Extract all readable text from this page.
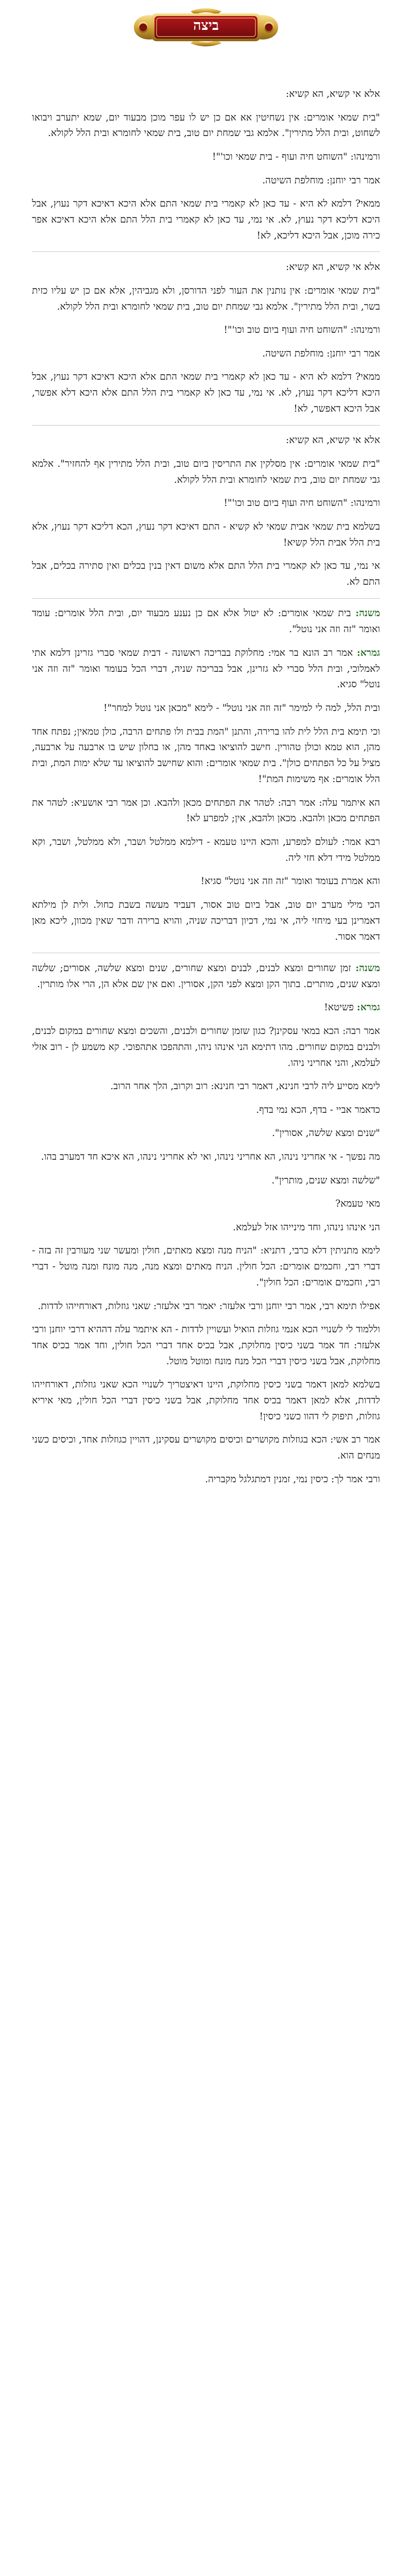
ביצה

אלא אי קשיא, הא קשיא:

"בית שמאי אומרים: אין נשחיטין אא אם כן יש לו עפר מוכן מבעוד יום, שמא יתערב ויבואו לשחוט, ובית הלל מתירין". אלמא גבי שמחת יום טוב, בית שמאי לחומרא ובית הלל לקולא.

ורמינהו: "השוחט חיה ועוף - בית שמאי וכו'"!

אמר רבי יוחנן: מוחלפת השיטה.

ממאי? דלמא לא היא - עד כאן לא קאמרי בית שמאי התם אלא היכא דאיכא דקר נעוץ, אבל היכא דליכא דקר נעוץ, לא. אי נמי, עד כאן לא קאמרי בית הלל התם אלא היכא דאיכא אפר כירה מוכן, אבל היכא דליכא, לא!

אלא אי קשיא, הא קשיא:

"בית שמאי אומרים: אין נותנין את העור לפני הדורסן, ולא מגביהין, אלא אם כן יש עליו כזית בשר, ובית הלל מתירין". אלמא גבי שמחת יום טוב, בית שמאי לחומרא ובית הלל לקולא.

ורמינהו: "השוחט חיה ועוף ביום טוב וכו'"!

אמר רבי יוחנן: מוחלפת השיטה.

ממאי? דלמא לא היא - עד כאן לא קאמרי בית שמאי התם אלא היכא דאיכא דקר נעוץ, אבל היכא דליכא דקר נעוץ, לא. אי נמי, עד כאן לא קאמרי בית הלל התם אלא היכא דלא אפשר, אבל היכא דאפשר, לא!

אלא אי קשיא, הא קשיא:

"בית שמאי אומרים: אין מסלקין את התריסין ביום טוב, ובית הלל מתירין אף להחזיר". אלמא גבי שמחת יום טוב, בית שמאי לחומרא ובית הלל לקולא.

ורמינהו: "השוחט חיה ועוף ביום טוב וכו'"!

בשלמא בית שמאי אבית שמאי לא קשיא - התם דאיכא דקר נעוץ, הכא דליכא דקר נעוץ, אלא בית הלל אבית הלל קשיא!

אי נמי, עד כאן לא קאמרי בית הלל התם אלא משום דאין בנין בכלים ואין סתירה בכלים, אבל התם לא.

משנה: בית שמאי אומרים: לא יטול אלא אם כן נענע מבעוד יום, ובית הלל אומרים: עומד ואומר "זה וזה אני נוטל".

גמרא: אמר רב הונא בר אמי: מחלוקת בבריכה ראשונה - דבית שמאי סברי גזרינן דלמא אתי לאמלוכי, ובית הלל סברי לא גזרינן, אבל בבריכה שניה, דברי הכל בעומד ואומר "זה וזה אני נוטל" סגיא.

ובית הלל, למה לי למימר "זה וזה אני נוטל" - לימא "מכאן אני נוטל למחר"!

וכי תימא בית הלל לית להו ברירה, והתנן "המת בבית ולו פתחים הרבה, כולן טמאין; נפתח אחד מהן, הוא טמא וכולן טהורין. חישב להוציאו באחד מהן, או בחלון שיש בו ארבעה על ארבעה, מציל על כל הפתחים כולן". בית שמאי אומרים: והוא שחישב להוציאו עד שלא ימות המת, ובית הלל אומרים: אף משימות המת"!

הא איתמר עלה: אמר רבה: לטהר את הפתחים מכאן ולהבא. וכן אמר רבי אושעיא: לטהר את הפתחים מכאן ולהבא. מכאן ולהבא, אין; למפרע לא!

רבא אמר: לעולם למפרע, והכא היינו טעמא - דילמא ממלטל ושבר, ולא ממלטל, ושבר, וקא ממלטל מידי דלא חזי ליה.

והא אמרת בעומד ואומר "זה וזה אני נוטל" סגיא!

הכי מילי מערב יום טוב, אבל ביום טוב אסור, דעביד מעשה בשבת כחול. ולית לן מילתא דאמרינן בעי מיחזי ליה, אי נמי, דכיון דבריכה שניה, והויא ברירה ודבר שאין מכוון, ליכא מאן דאמר אסור.

משנה: זמן שחורים ומצא לבנים, לבנים ומצא שחורים, שנים ומצא שלשה, אסורים; שלשה ומצא שנים, מותרים. בתוך הקן ומצא לפני הקן, אסורין. ואם אין שם אלא הן, הרי אלו מותרין.

גמרא: פשיטא!

אמר רבה: הכא במאי עסקינן? כגון שזמן שחורים ולבנים, והשכים ומצא שחורים במקום לבנים, ולבנים במקום שחורים. מהו דתימא הני אינהו ניהו, והתהפכו אתהפוכי. קא משמע לן - רוב אזלי לעלמא, והני אחריני ניהו.

לימא מסייע ליה לרבי חנינא, דאמר רבי חנינא: רוב וקרוב, הלך אחר הרוב.

כדאמר אביי - בדף, הכא נמי בדף.

"שנים ומצא שלשה, אסורין".

מה נפשך - אי אחריני נינהו, הא אחריני נינהו, ואי לא אחריני נינהו, הא איכא חד דמערב בהו.

"שלשה ומצא שנים, מותרין".

מאי טעמא?

הני אינהו נינהו, וחד מינייהו אזל לעלמא.

לימא מתניתין דלא כרבי, דתניא: "הניח מנה ומצא מאתים, חולין ומעשר שני מעורבין זה בזה - דברי רבי, וחכמים אומרים: הכל חולין. הניח מאתים ומצא מנה, מנה מונח ומנה מוטל - דברי רבי, וחכמים אומרים: הכל חולין".

אפילו תימא רבי, אמר רבי יוחנן ורבי אלעזר: יאמר רבי אלעזר: שאני גוזלות, דאורחייהו לדדות.

וללמוד לי לשנויי הכא אנמי גוזלות הואיל ועשויין לדדות - הא איתמר עלה דההיא דרבי יוחנן ורבי אלעזר: חד אמר בשני כיסין מחלוקת, אבל בכיס אחד דברי הכל חולין, וחד אמר בכיס אחד מחלוקת, אבל בשני כיסין דברי הכל מנח מונח ומוטל מוטל.

בשלמא למאן דאמר בשני כיסין מחלוקת, היינו דאיצטריך לשנויי הכא שאני גוזלות, דאורחייהו לדדות, אלא למאן דאמר בכיס אחד מחלוקת, אבל בשני כיסין דברי הכל חולין, מאי איריא גוזלות, תיפוק לי דהוו כשני כיסין!

אמר רב אשי: הכא בגוזלות מקושרים וכיסים מקושרים עסקינן, דהויין כגוזלות אחד, וכיסים כשני מנחים הוא.

ורבי אמר לך: כיסין נמי, זמנין דמתגלגל מקבריה.
